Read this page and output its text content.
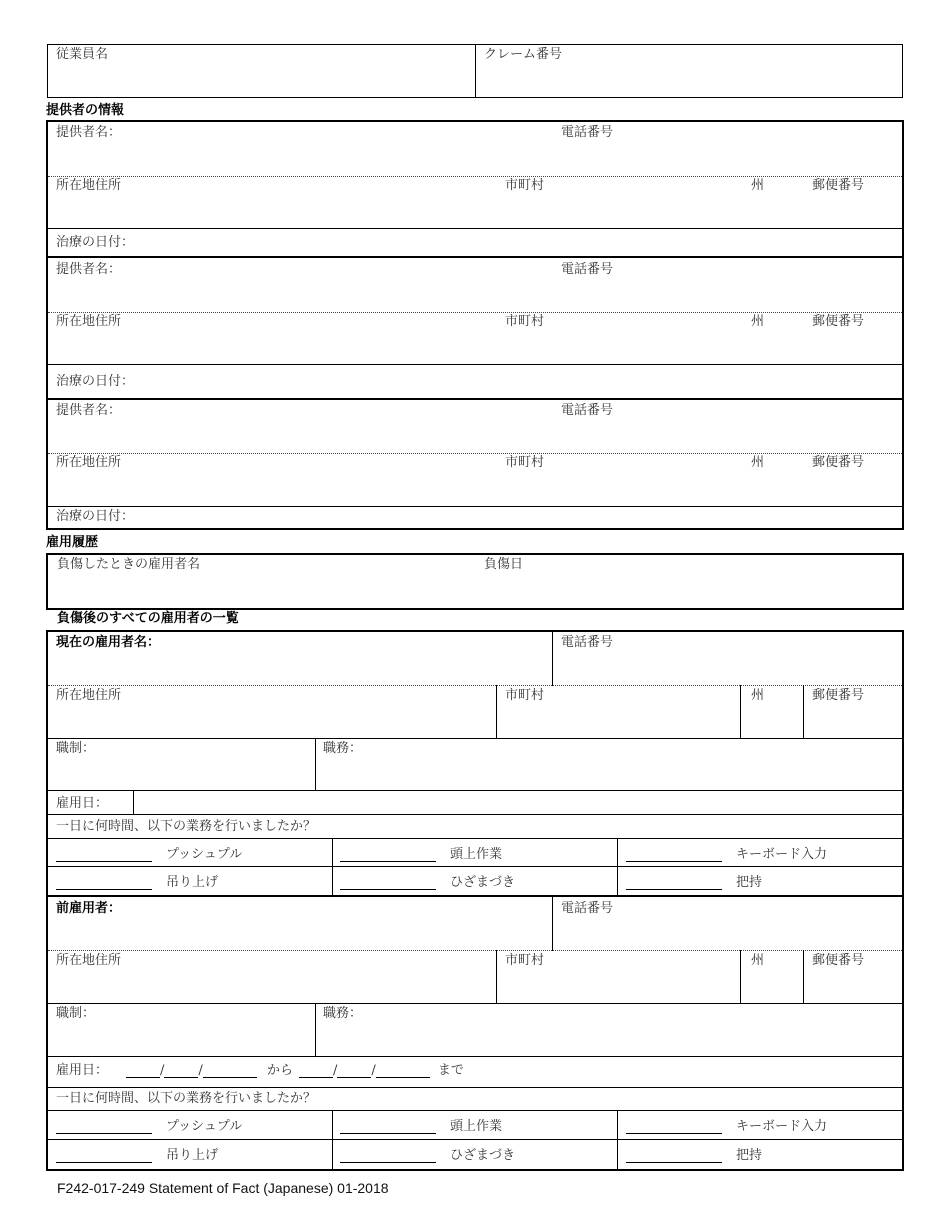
従業員名	クレーム番号
提供者の情報
提供者名：	電話番号
所在地住所	市町村	州	郵便番号
治療の日付：
提供者名：	電話番号
所在地住所	市町村	州	郵便番号
治療の日付：
提供者名：	電話番号
所在地住所	市町村	州	郵便番号
治療の日付：
雇用履歴
負傷したときの雇用者名	負傷日
負傷後のすべての雇用者の一覧
現在の雇用者名：	電話番号
所在地住所	市町村	州	郵便番号
職制：	職務：
雇用日：
一日に何時間、以下の業務を行いましたか？
プッシュプル	頭上作業	キーボード入力
吊り上げ	ひざまづき	把持
前雇用者：	電話番号
所在地住所	市町村	州	郵便番号
職制：	職務：
雇用日：	/	/	から	/	/	まで
一日に何時間、以下の業務を行いましたか？
プッシュプル	頭上作業	キーボード入力
吊り上げ	ひざまづき	把持
F242-017-249 Statement of Fact (Japanese) 01-2018
